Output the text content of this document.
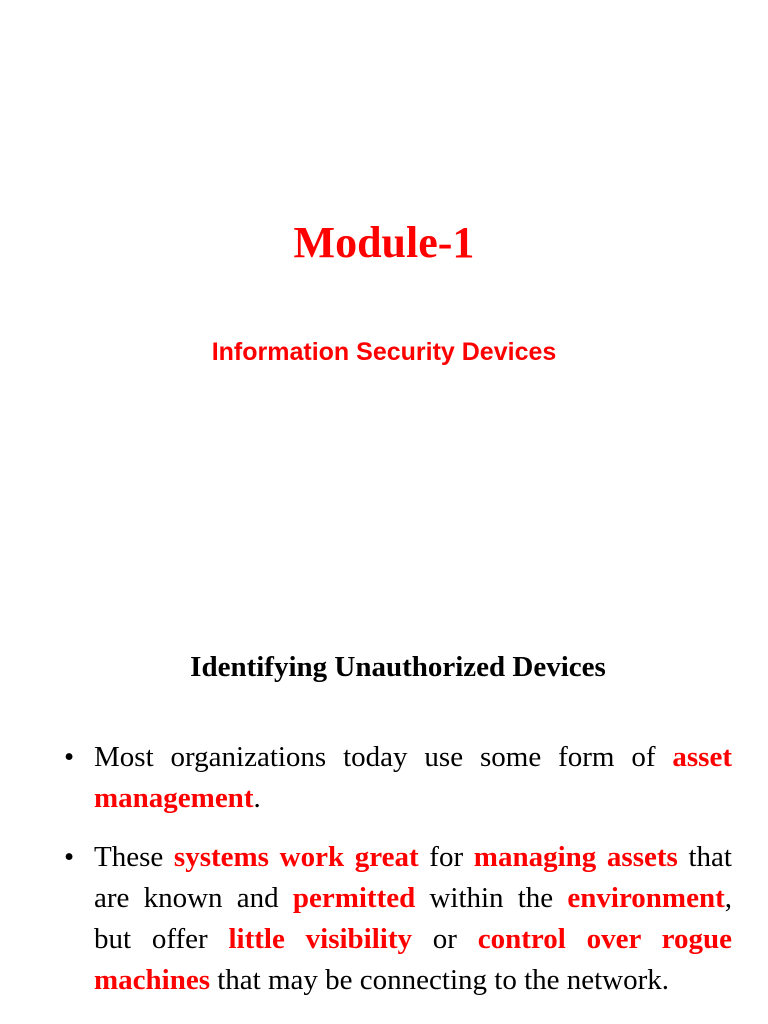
Module-1
Information Security Devices
Identifying Unauthorized Devices
• Most organizations today use some form of asset management.
• These systems work great for managing assets that are known and permitted within the environment, but offer little visibility or control over rogue machines that may be connecting to the network.
